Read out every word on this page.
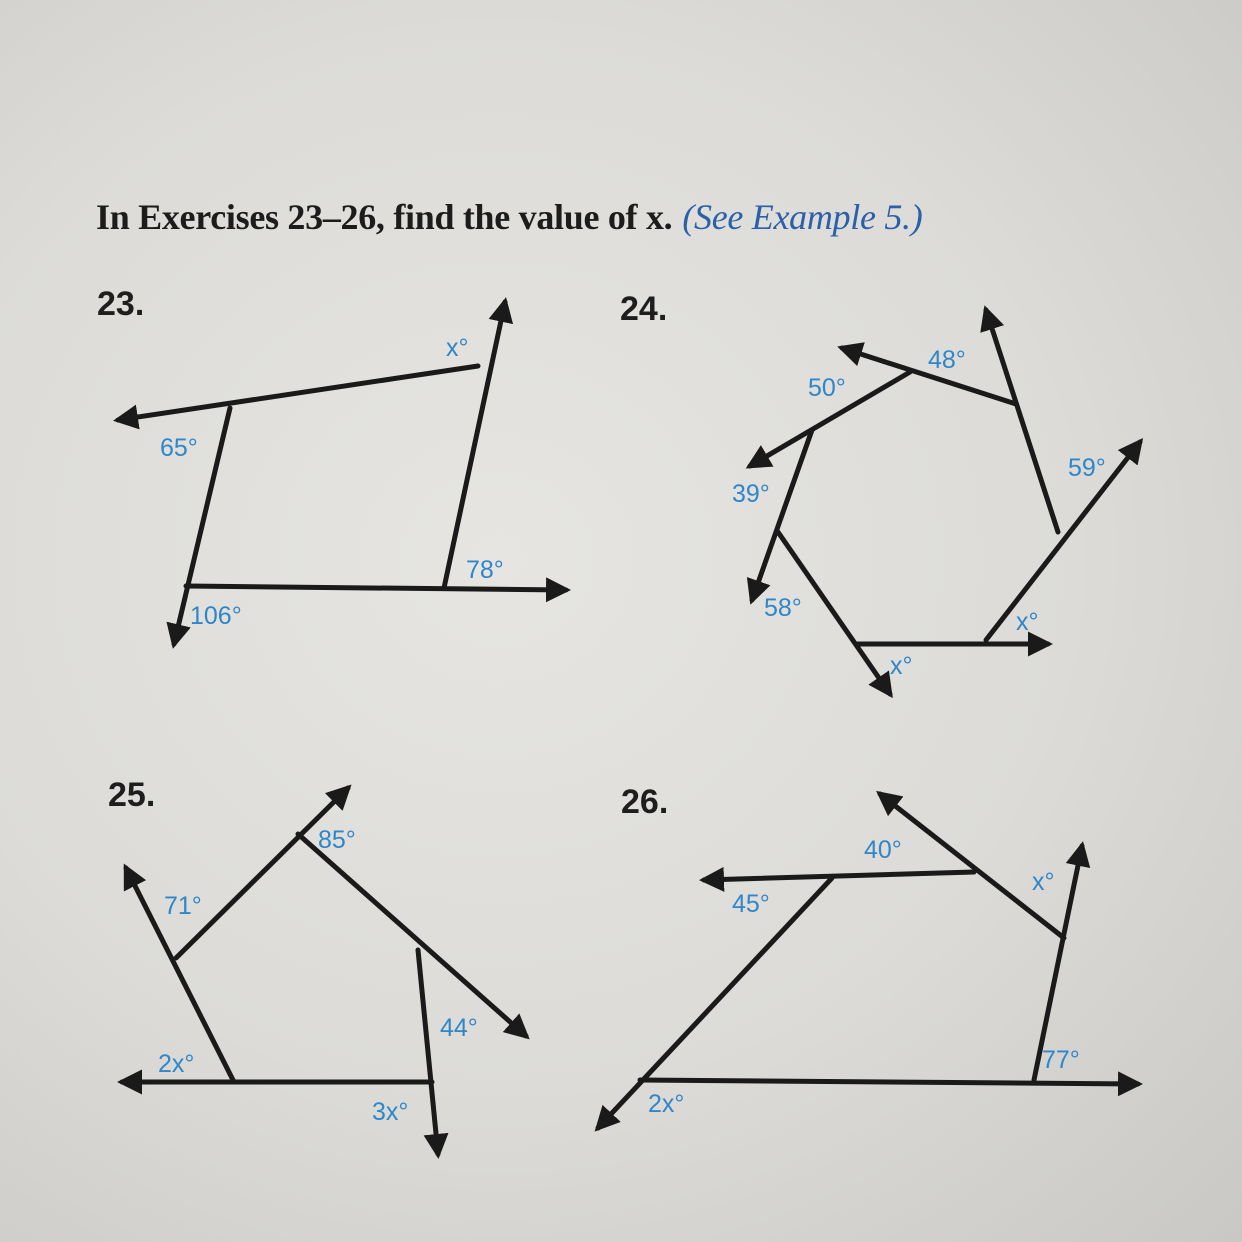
In Exercises 23–26, find the value of x. (See Example 5.)
23.	24.
25.	26.
x°
65°
78°
106°
48°
50°
59°
39°
58°	x°
x°
85°
71°
44°
2x°
3x°
40°
45°
x°
77°
2x°
